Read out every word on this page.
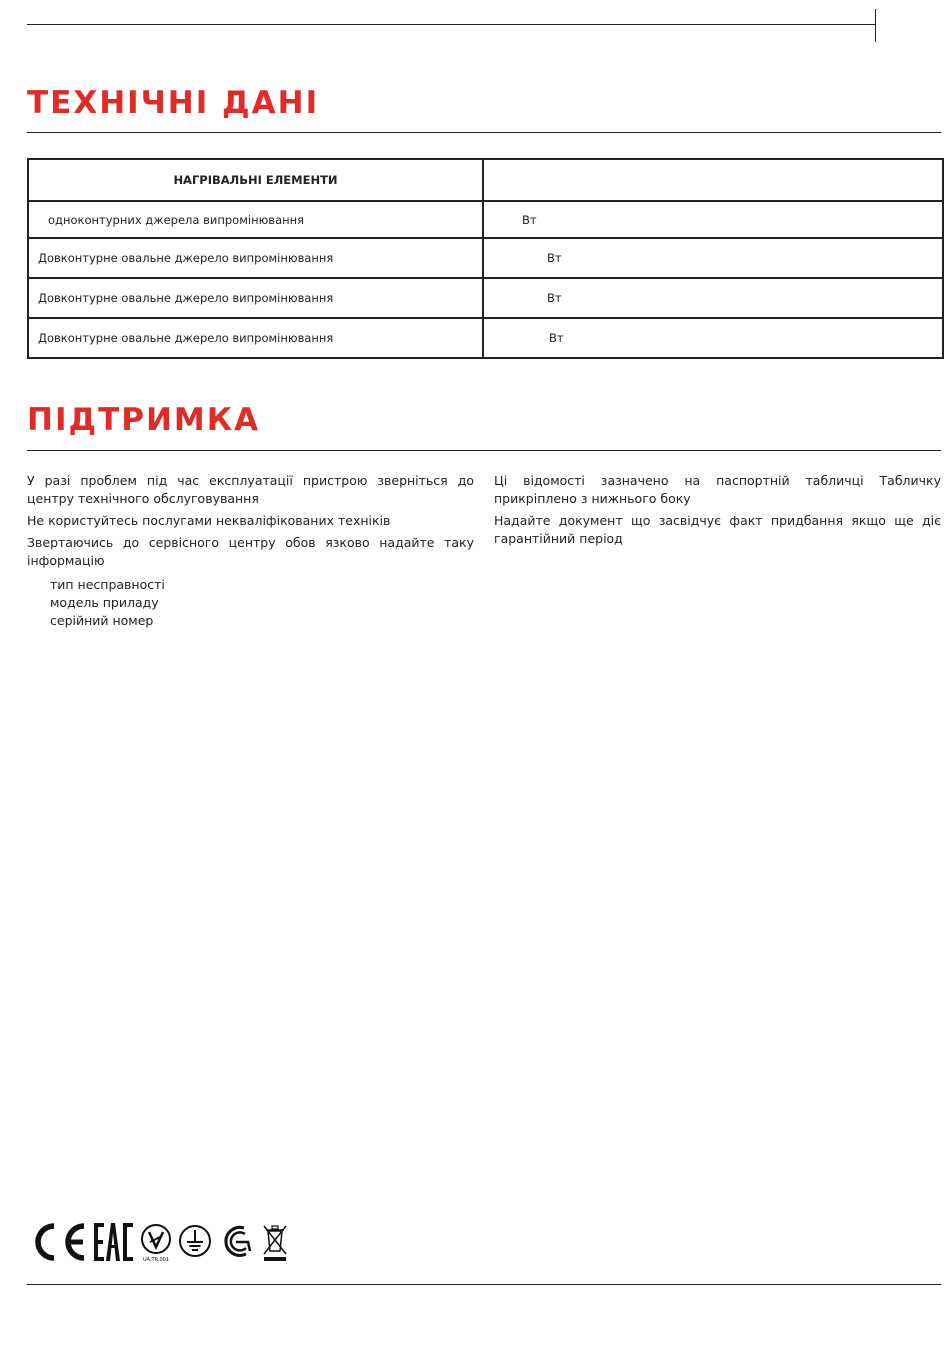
ТЕХНІЧНІ ДАНІ
НАГРІВАЛЬНІ ЕЛЕМЕНТИ	
одноконтурних джерела випромінювання	Вт
Довконтурне овальне джерело випромінювання	Вт
Довконтурне овальне джерело випромінювання	Вт
Довконтурне овальне джерело випромінювання	Вт
ПІДТРИМКА

У разі проблем під час експлуатації пристрою зверніться до центру технічного обслуговування

Не користуйтесь послугами некваліфікованих техніків

Звертаючись до сервісного центру обов язково надайте таку інформацію

тип несправності
модель приладу
серійний номер

Ці відомості зазначено на паспортній табличці Табличку прикріплено з нижнього боку

Надайте документ що засвідчує факт придбання якщо ще діє гарантійний період

UA.TR.001
